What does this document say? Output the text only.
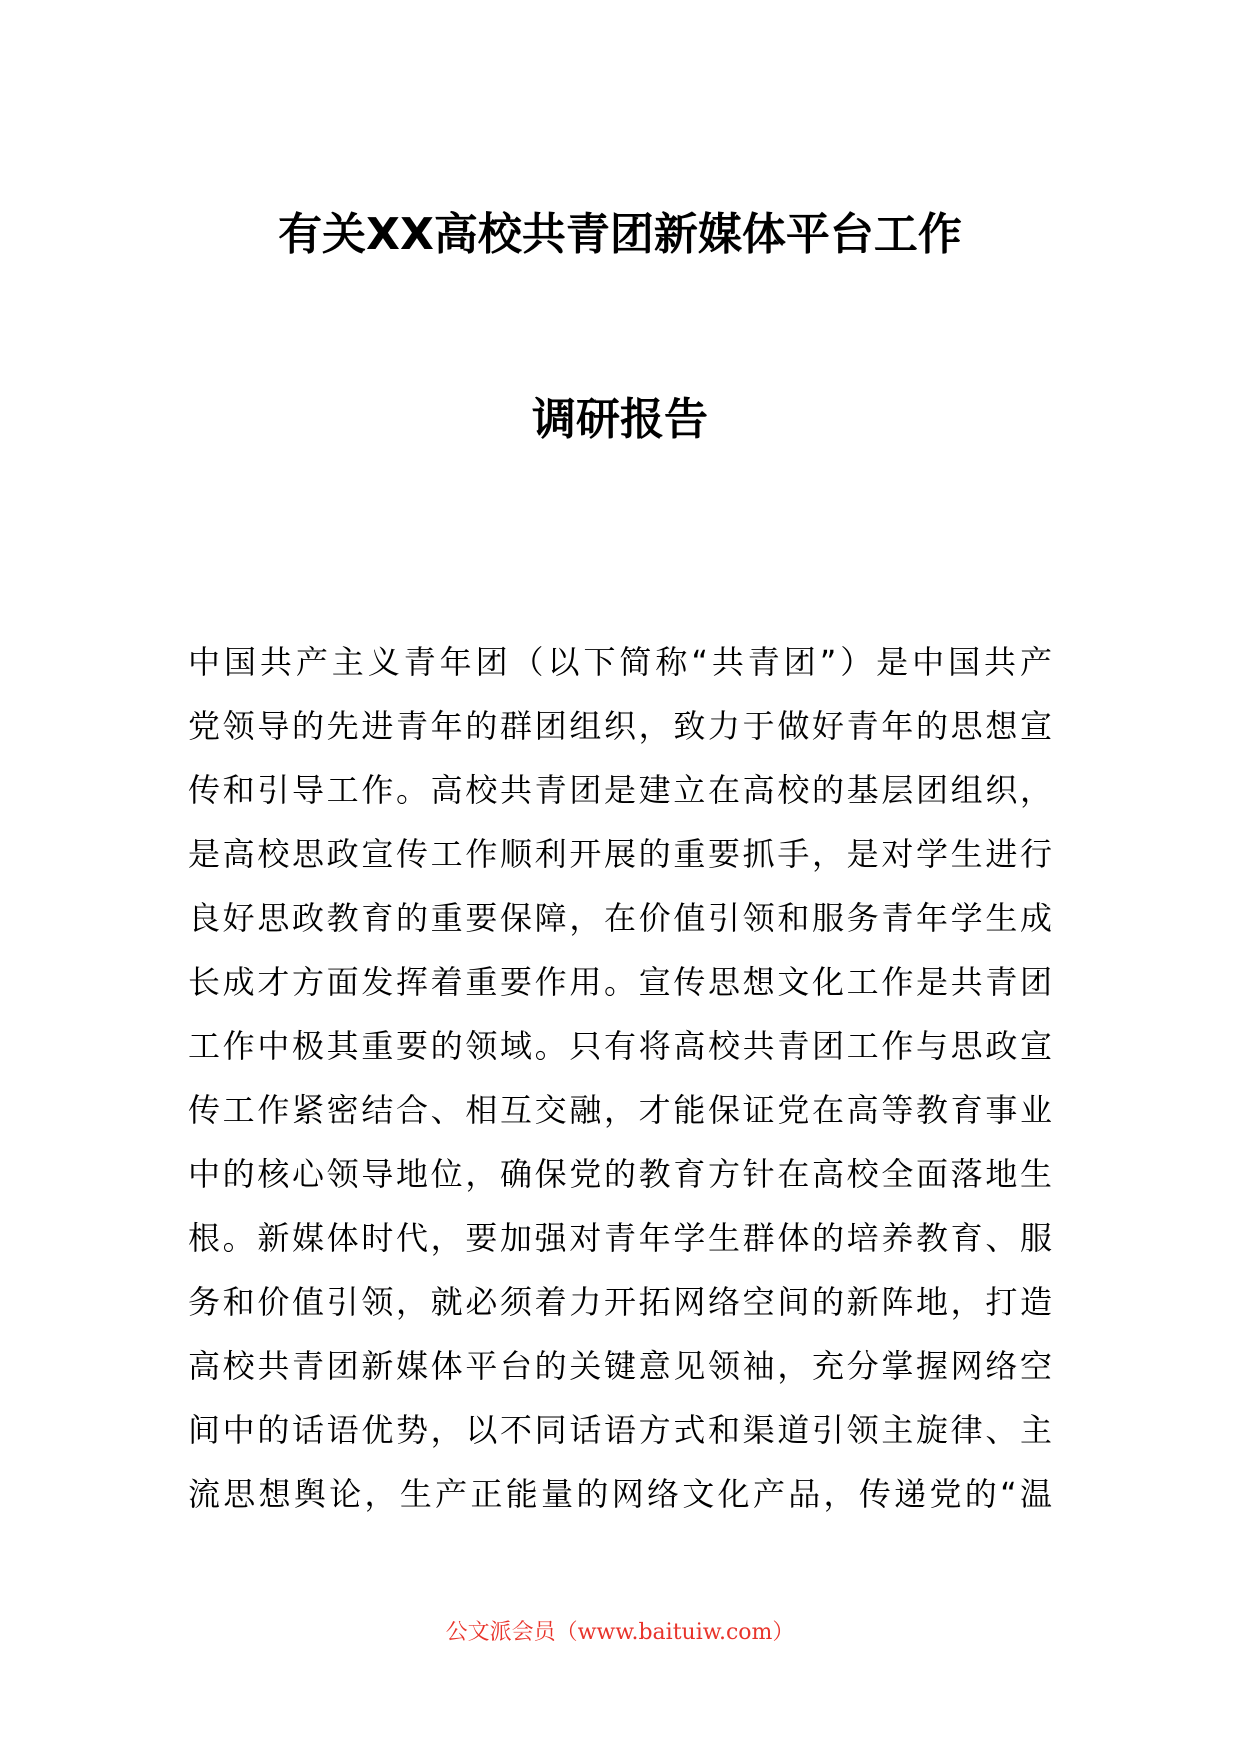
有关XX高校共青团新媒体平台工作
调研报告
中国共产主义青年团（以下简称“共青团”）是中国共产
党领导的先进青年的群团组织，致力于做好青年的思想宣
传和引导工作。高校共青团是建立在高校的基层团组织，
是高校思政宣传工作顺利开展的重要抓手，是对学生进行
良好思政教育的重要保障，在价值引领和服务青年学生成
长成才方面发挥着重要作用。宣传思想文化工作是共青团
工作中极其重要的领域。只有将高校共青团工作与思政宣
传工作紧密结合、相互交融，才能保证党在高等教育事业
中的核心领导地位，确保党的教育方针在高校全面落地生
根。新媒体时代，要加强对青年学生群体的培养教育、服
务和价值引领，就必须着力开拓网络空间的新阵地，打造
高校共青团新媒体平台的关键意见领袖，充分掌握网络空
间中的话语优势，以不同话语方式和渠道引领主旋律、主
流思想舆论，生产正能量的网络文化产品，传递党的“温
公文派会员（www.baituiw.com）
